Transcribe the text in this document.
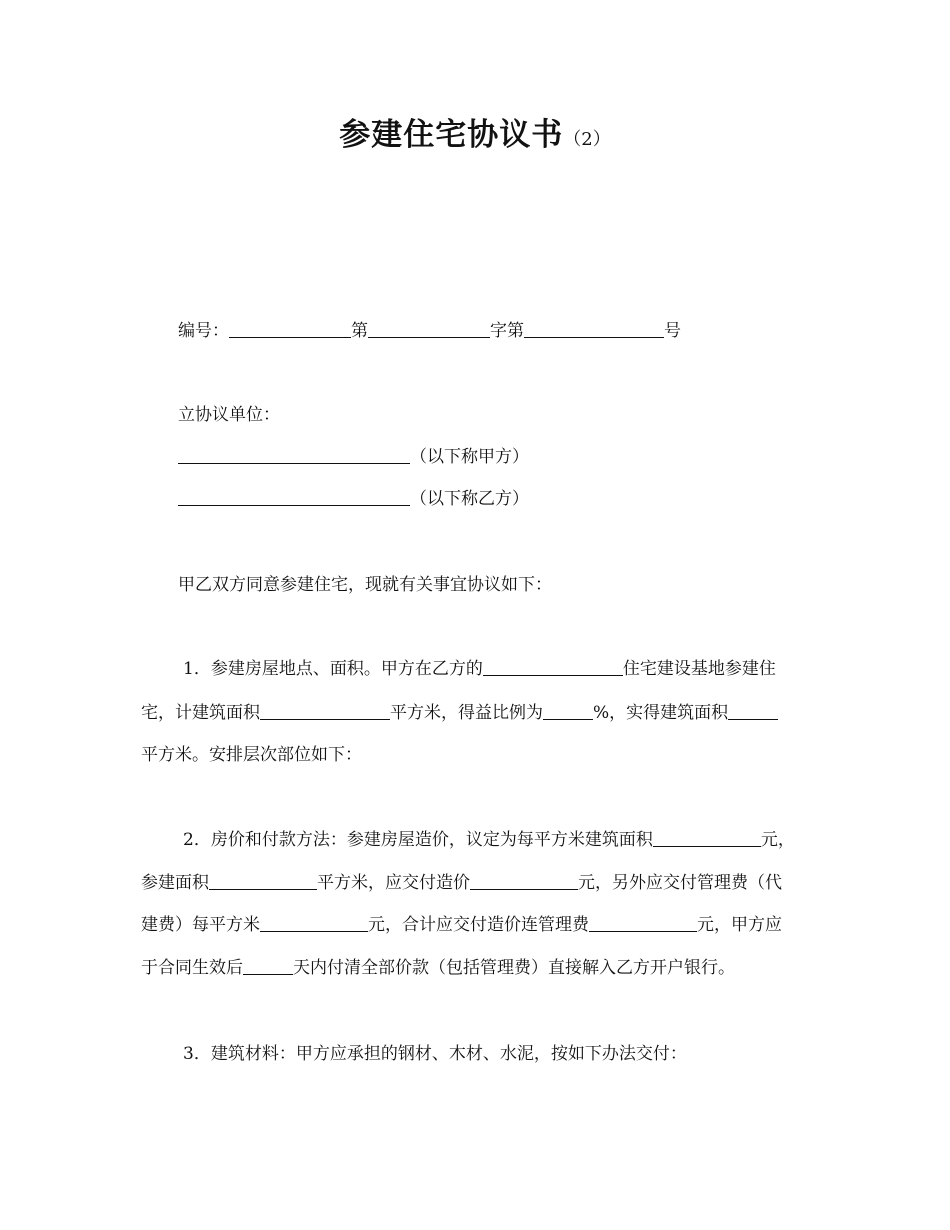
参建住宅协议书（2）
编号：	第	字第	号
立协议单位：
（以下称甲方）
（以下称乙方）
甲乙双方同意参建住宅，现就有关事宜协议如下：
1．参建房屋地点、面积。甲方在乙方的	住宅建设基地参建住
宅，计建筑面积	平方米，得益比例为	%，实得建筑面积
平方米。安排层次部位如下：
2．房价和付款方法：参建房屋造价，议定为每平方米建筑面积	元，
参建面积	平方米，应交付造价	元，另外应交付管理费（代
建费）每平方米	元，合计应交付造价连管理费	元，甲方应
于合同生效后	天内付清全部价款（包括管理费）直接解入乙方开户银行。
3．建筑材料：甲方应承担的钢材、木材、水泥，按如下办法交付：
